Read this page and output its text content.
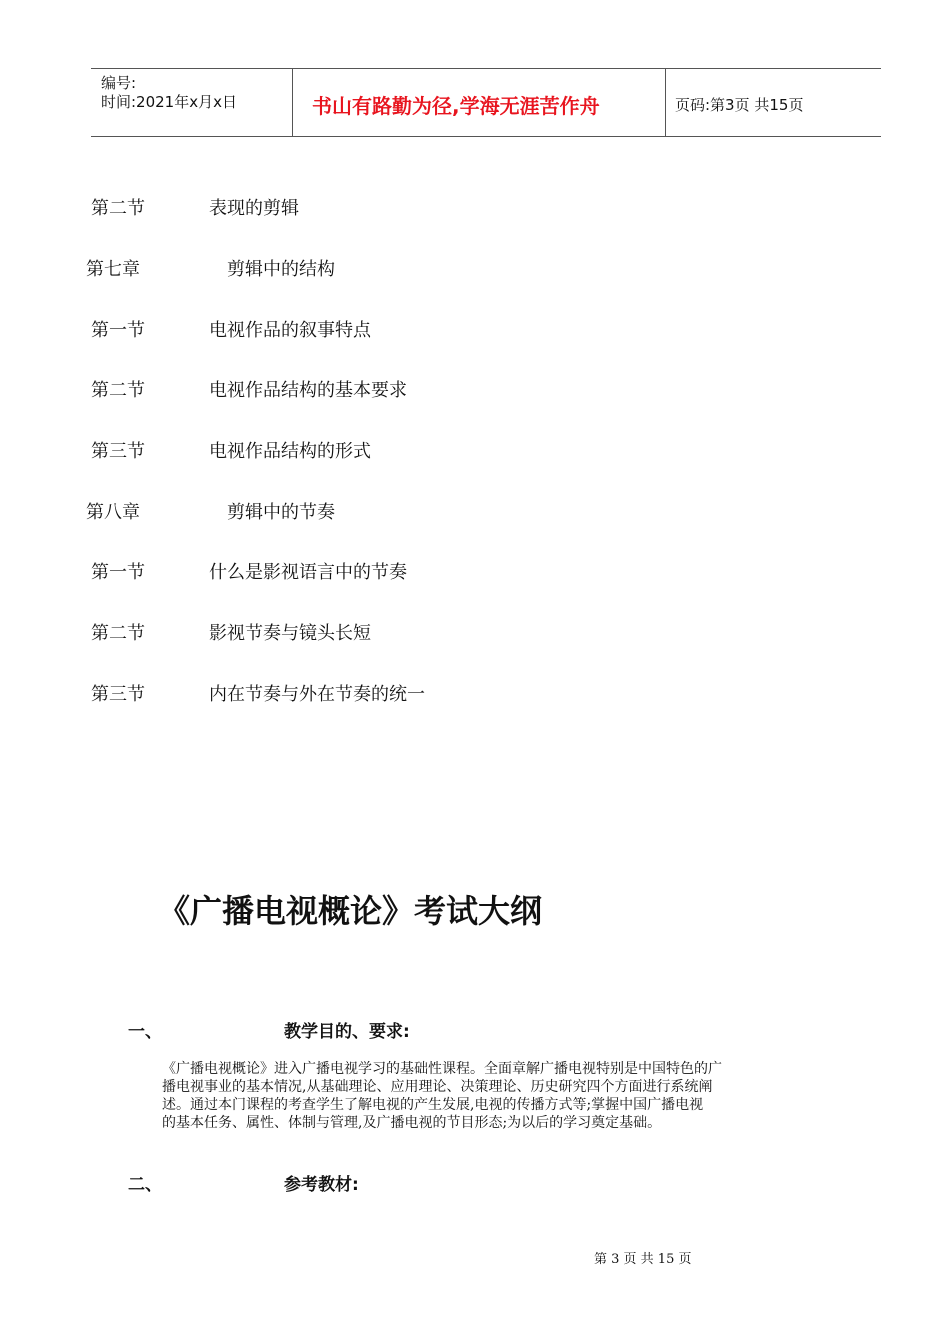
编号:
时间:2021年x月x日	书山有路勤为径,学海无涯苦作舟	页码:第3页 共15页
第二节	表现的剪辑
第七章	剪辑中的结构
第一节	电视作品的叙事特点
第二节	电视作品结构的基本要求
第三节	电视作品结构的形式
第八章	剪辑中的节奏
第一节	什么是影视语言中的节奏
第二节	影视节奏与镜头长短
第三节	内在节奏与外在节奏的统一
《广播电视概论》考试大纲
一、	教学目的、要求:
《广播电视概论》进入广播电视学习的基础性课程。全面章解广播电视特别是中国特色的广
播电视事业的基本情况,从基础理论、应用理论、决策理论、历史研究四个方面进行系统阐
述。通过本门课程的考查学生了解电视的产生发展,电视的传播方式等;掌握中国广播电视
的基本任务、属性、体制与管理,及广播电视的节目形态;为以后的学习奠定基础。
二、	参考教材:
第 3 页 共 15 页
